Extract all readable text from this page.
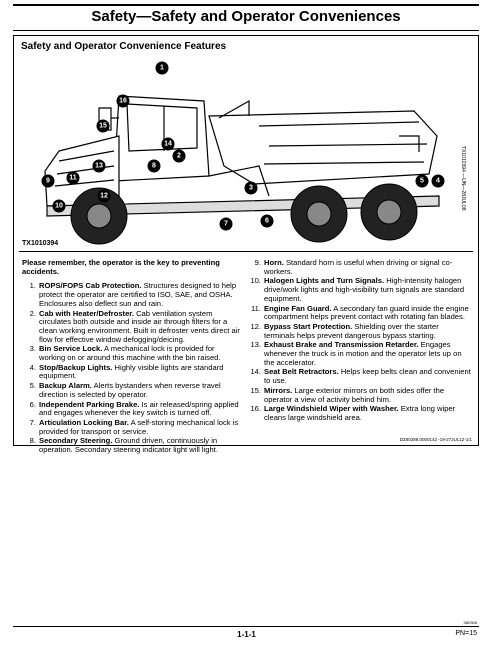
Safety—Safety and Operator Conveniences
Safety and Operator Convenience Features
1
2
3
4
5
6
7
8
9
10
11
12
13
14
15
16
TX1010394 —UN—28JUL08
TX1010394
Please remember, the operator is the key to preventing accidents.
1. ROPS/FOPS Cab Protection. Structures designed to help protect the operator are certified to ISO, SAE, and OSHA. Enclosures also deflect sun and rain.
2. Cab with Heater/Defroster. Cab ventilation system circulates both outside and inside air through filters for a clean working environment. Built in defroster vents direct air flow for effective window defogging/deicing.
3. Bin Service Lock. A mechanical lock is provided for working on or around this machine with the bin raised.
4. Stop/Backup Lights. Highly visible lights are standard equipment.
5. Backup Alarm. Alerts bystanders when reverse travel direction is selected by operator.
6. Independent Parking Brake. Is air released/spring applied and engages whenever the key switch is turned off.
7. Articulation Locking Bar. A self-storing mechanical lock is provided for transport or service.
8. Secondary Steering. Ground driven, continuously in operation. Secondary steering indicator light will light.
9. Horn. Standard horn is useful when driving or signal co-workers.
10. Halogen Lights and Turn Signals. High-intensity halogen drive/work lights and high-visibility turn signals are standard equipment.
11. Engine Fan Guard. A secondary fan guard inside the engine compartment helps prevent contact with rotating fan blades.
12. Bypass Start Protection. Shielding over the starter terminals helps prevent dangerous bypass starting.
13. Exhaust Brake and Transmission Retarder. Engages whenever the truck is in motion and the operator lets up on the accelerator.
14. Seat Belt Retractors. Helps keep belts clean and convenient to use.
15. Mirrors. Large exterior mirrors on both sides offer the operator a view of activity behind him.
16. Large Windshield Wiper with Washer. Extra long wiper cleans large windshield area.
DZ80289,0000142 -19-27JUL12-1/1
080306
1-1-1	PN=15
